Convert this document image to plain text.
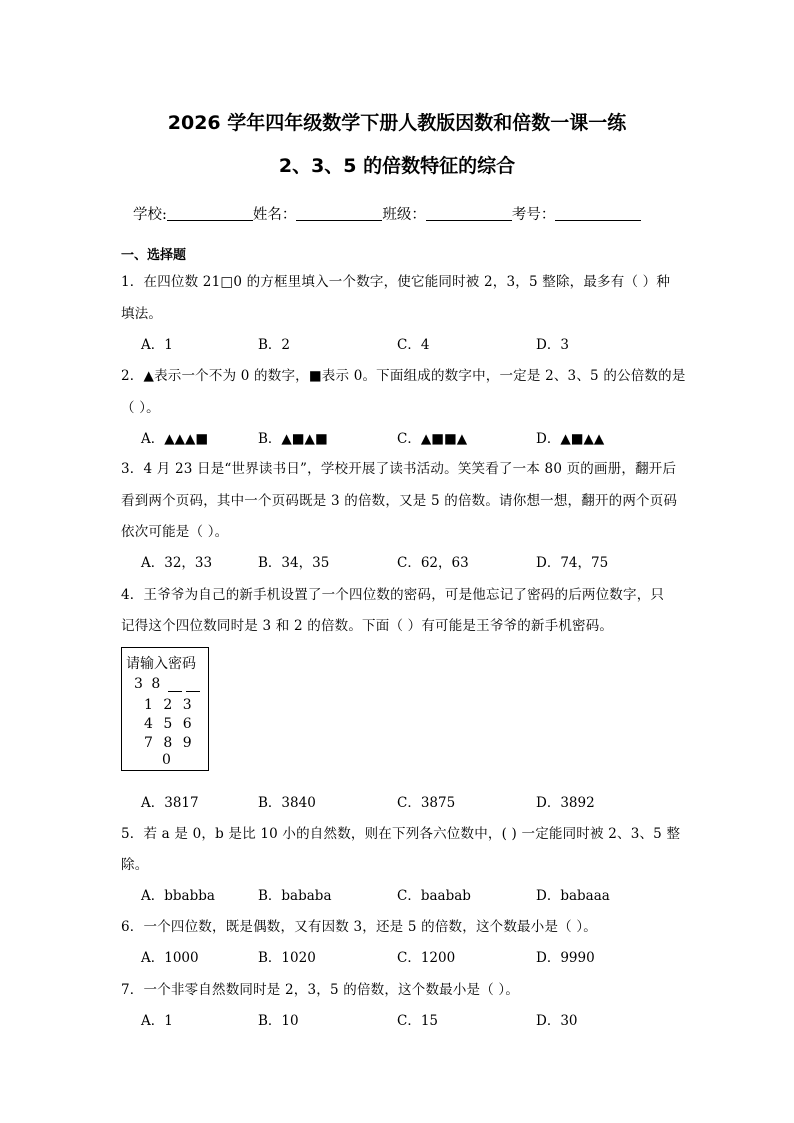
2026 学年四年级数学下册人教版因数和倍数一课一练
2、3、5 的倍数特征的综合
学校:	姓名：	班级：	考号：
一、选择题
1．在四位数 21□0 的方框里填入一个数字，使它能同时被 2，3，5 整除，最多有（ ）种
填法。
A．1	B．2	C．4	D．3
2．▲表示一个不为 0 的数字，■表示 0。下面组成的数字中，一定是 2、3、5 的公倍数的是
（ ）。
A．▲▲▲■	B．▲■▲■	C．▲■■▲	D．▲■▲▲
3．4 月 23 日是“世界读书日”，学校开展了读书活动。笑笑看了一本 80 页的画册，翻开后
看到两个页码，其中一个页码既是 3 的倍数，又是 5 的倍数。请你想一想，翻开的两个页码
依次可能是（ ）。
A．32，33	B．34，35	C．62，63	D．74，75
4．王爷爷为自己的新手机设置了一个四位数的密码，可是他忘记了密码的后两位数字，只
记得这个四位数同时是 3 和 2 的倍数。下面（ ）有可能是王爷爷的新手机密码。
请输入密码
3 8
1 2 3
4 5 6
7 8 9
0
A．3817	B．3840	C．3875	D．3892
5．若 a 是 0，b 是比 10 小的自然数，则在下列各六位数中，( ) 一定能同时被 2、3、5 整
除。
A．bbabba	B．bababa	C．baabab	D．babaaa
6．一个四位数，既是偶数，又有因数 3，还是 5 的倍数，这个数最小是（ ）。
A．1000	B．1020	C．1200	D．9990
7．一个非零自然数同时是 2，3，5 的倍数，这个数最小是（ ）。
A．1	B．10	C．15	D．30
